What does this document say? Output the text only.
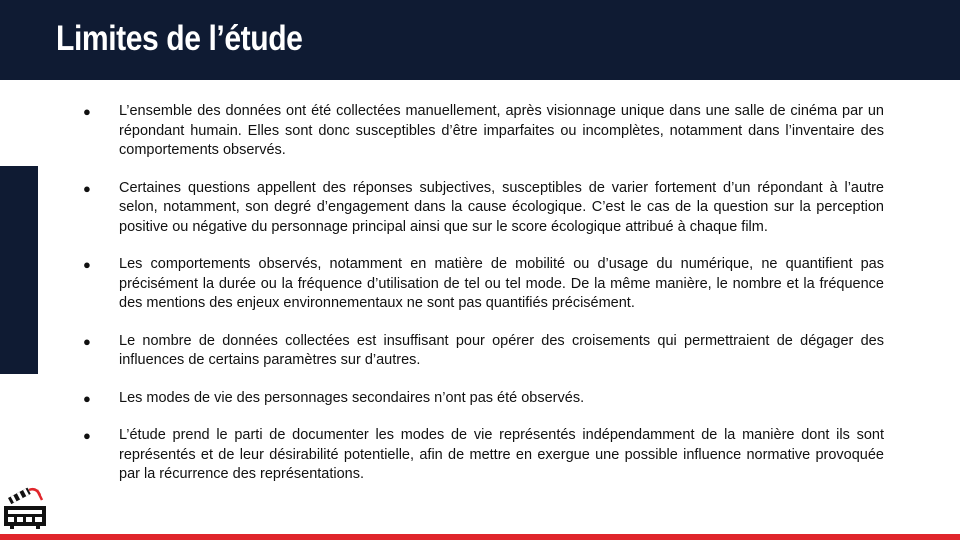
Limites de l’étude
● L’ensemble des données ont été collectées manuellement, après visionnage unique dans une salle de cinéma par un répondant humain. Elles sont donc susceptibles d’être imparfaites ou incomplètes, notamment dans l’inventaire des comportements observés.
● Certaines questions appellent des réponses subjectives, susceptibles de varier fortement d’un répondant à l’autre selon, notamment, son degré d’engagement dans la cause écologique. C’est le cas de la question sur la perception positive ou négative du personnage principal ainsi que sur le score écologique attribué à chaque film.
● Les comportements observés, notamment en matière de mobilité ou d’usage du numérique, ne quantifient pas précisément la durée ou la fréquence d’utilisation de tel ou tel mode. De la même manière, le nombre et la fréquence des mentions des enjeux environnementaux ne sont pas quantifiés précisément.
● Le nombre de données collectées est insuffisant pour opérer des croisements qui permettraient de dégager des influences de certains paramètres sur d’autres.
● Les modes de vie des personnages secondaires n’ont pas été observés.
● L’étude prend le parti de documenter les modes de vie représentés indépendamment de la manière dont ils sont représentés et de leur désirabilité potentielle, afin de mettre en exergue une possible influence normative provoquée par la récurrence des représentations.
